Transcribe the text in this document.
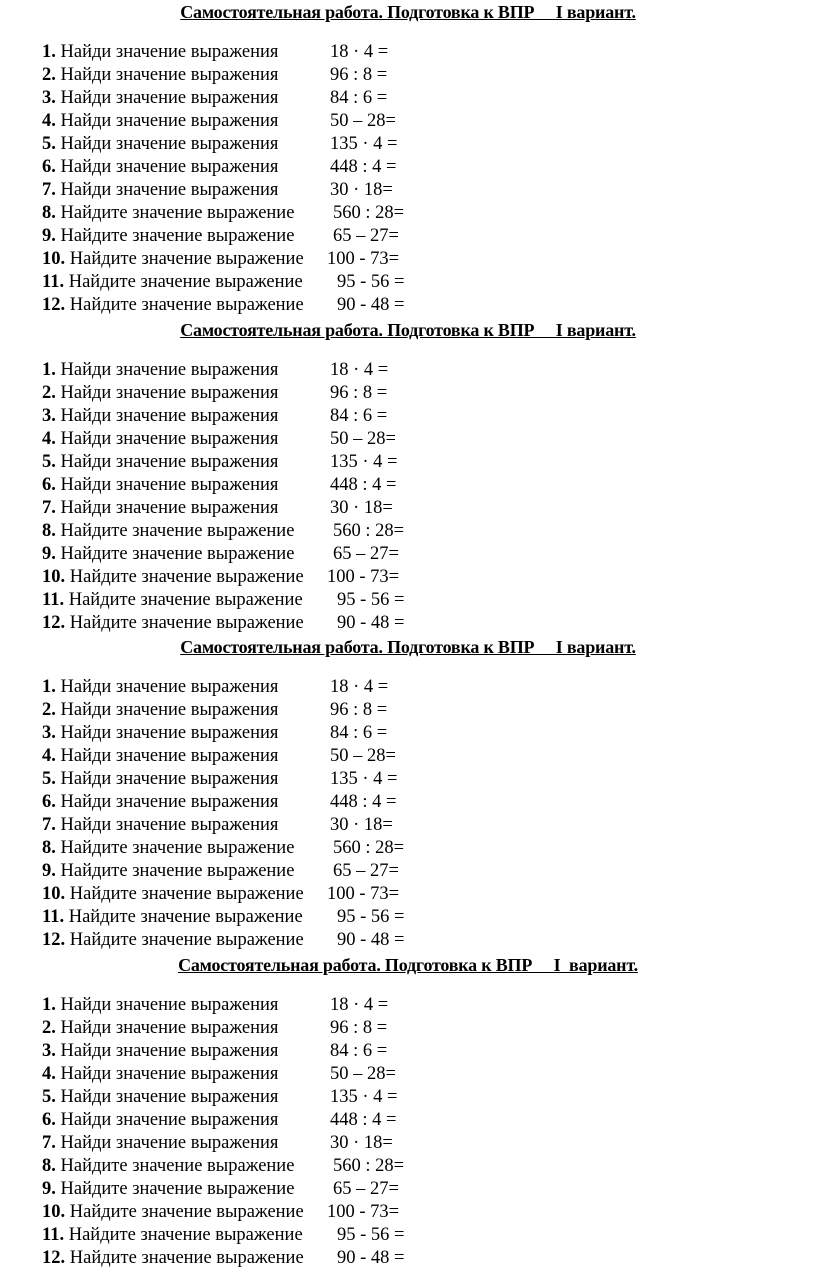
Самостоятельная работа. Подготовка к ВПР     I вариант.
1. Найди значение выражения	18 · 4 =
2. Найди значение выражения	96 : 8 =
3. Найди значение выражения	84 : 6 =
4. Найди значение выражения	50 – 28=
5. Найди значение выражения	135 · 4 =
6. Найди значение выражения	448 : 4 =
7. Найди значение выражения	30 · 18=
8. Найдите значение выражение 560 : 28=
9. Найдите значение выражение 65 – 27=
10. Найдите значение выражение 100 - 73=
11. Найдите значение выражение 95 - 56 =
12. Найдите значение выражение 90 - 48 =
Самостоятельная работа. Подготовка к ВПР     I вариант.
1. Найди значение выражения	18 · 4 =
2. Найди значение выражения	96 : 8 =
3. Найди значение выражения	84 : 6 =
4. Найди значение выражения	50 – 28=
5. Найди значение выражения	135 · 4 =
6. Найди значение выражения	448 : 4 =
7. Найди значение выражения	30 · 18=
8. Найдите значение выражение 560 : 28=
9. Найдите значение выражение 65 – 27=
10. Найдите значение выражение 100 - 73=
11. Найдите значение выражение 95 - 56 =
12. Найдите значение выражение 90 - 48 =
Самостоятельная работа. Подготовка к ВПР     I вариант.
1. Найди значение выражения	18 · 4 =
2. Найди значение выражения	96 : 8 =
3. Найди значение выражения	84 : 6 =
4. Найди значение выражения	50 – 28=
5. Найди значение выражения	135 · 4 =
6. Найди значение выражения	448 : 4 =
7. Найди значение выражения	30 · 18=
8. Найдите значение выражение 560 : 28=
9. Найдите значение выражение 65 – 27=
10. Найдите значение выражение 100 - 73=
11. Найдите значение выражение 95 - 56 =
12. Найдите значение выражение 90 - 48 =
Самостоятельная работа. Подготовка к ВПР     I  вариант.
1. Найди значение выражения	18 · 4 =
2. Найди значение выражения	96 : 8 =
3. Найди значение выражения	84 : 6 =
4. Найди значение выражения	50 – 28=
5. Найди значение выражения	135 · 4 =
6. Найди значение выражения	448 : 4 =
7. Найди значение выражения	30 · 18=
8. Найдите значение выражение 560 : 28=
9. Найдите значение выражение 65 – 27=
10. Найдите значение выражение 100 - 73=
11. Найдите значение выражение 95 - 56 =
12. Найдите значение выражение 90 - 48 =
